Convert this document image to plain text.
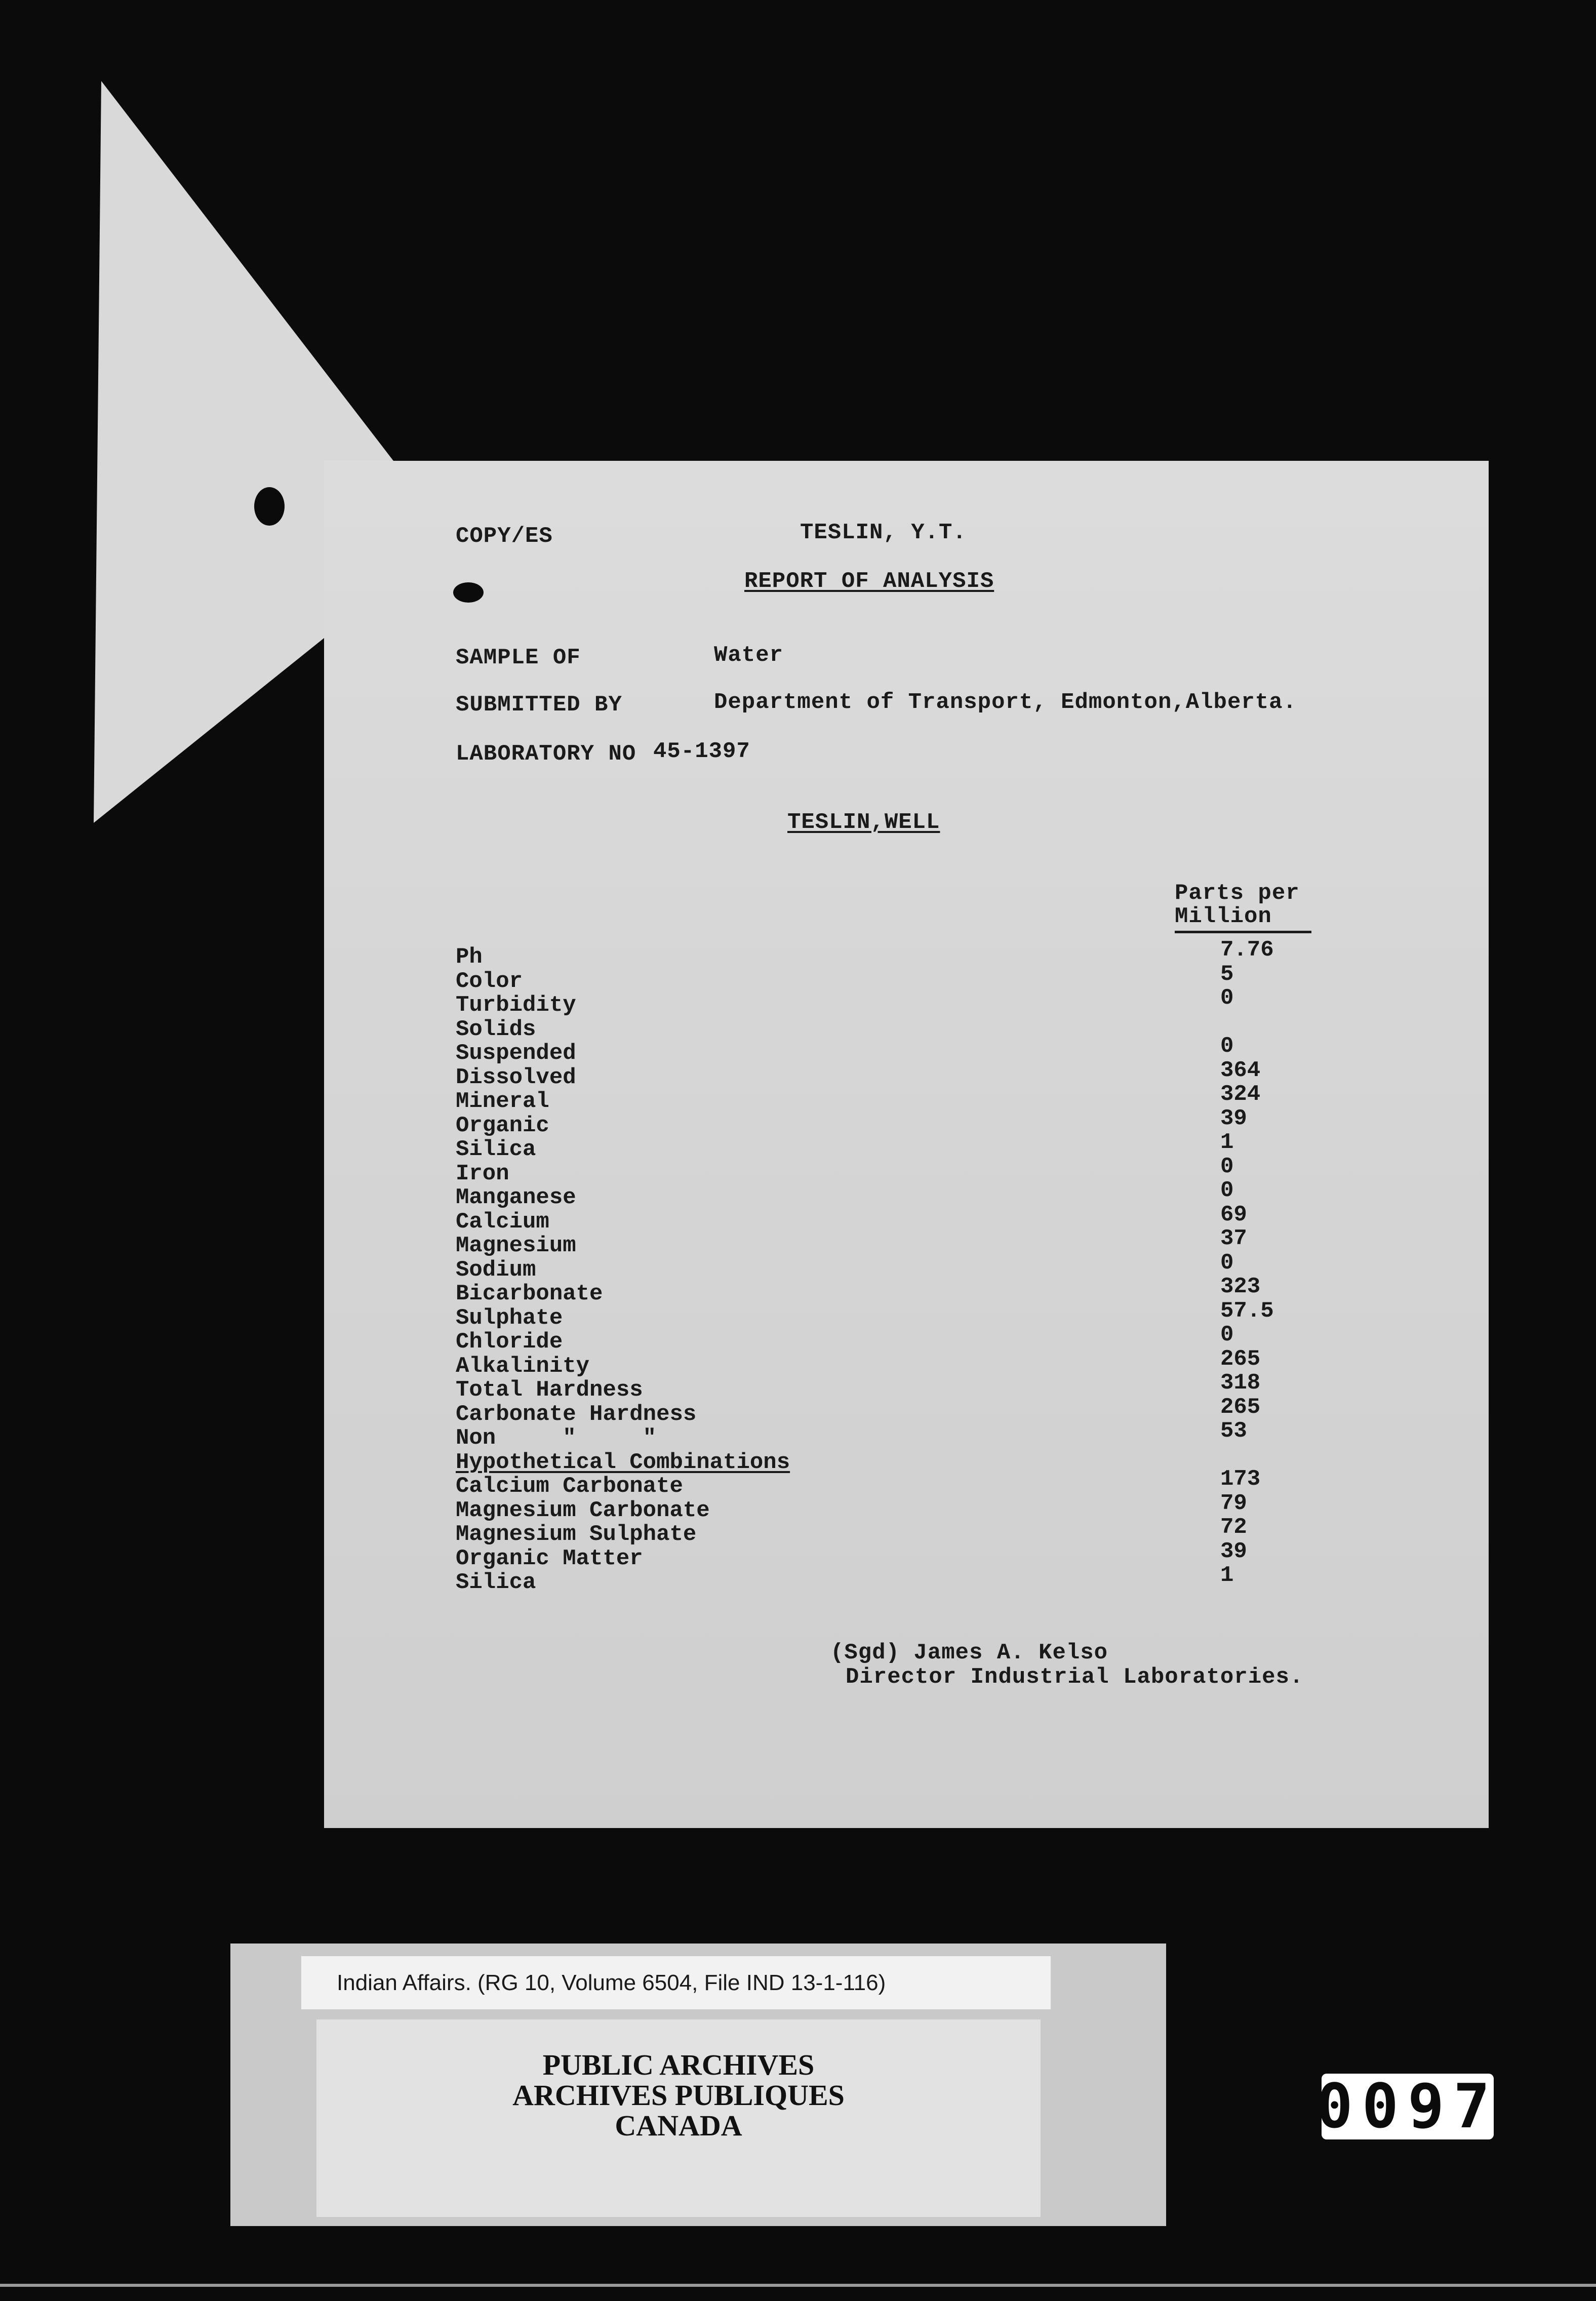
COPY/ES	TESLIN, Y.T.
REPORT OF ANALYSIS
SAMPLE OF	Water
SUBMITTED BY	Department of Transport, Edmonton,Alberta.
LABORATORY NO 45-1397
TESLIN,WELL
Parts per
Million
Ph	7.76
Color	5
Turbidity	0
Solids
Suspended	0
Dissolved	364
Mineral	324
Organic	39
Silica	1
Iron	0
Manganese	0
Calcium	69
Magnesium	37
Sodium	0
Bicarbonate	323
Sulphate	57.5
Chloride	0
Alkalinity	265
Total Hardness	318
Carbonate Hardness	265
Non     "     "	53
Hypothetical Combinations
Calcium Carbonate	173
Magnesium Carbonate	79
Magnesium Sulphate	72
Organic Matter	39
Silica	1
(Sgd) James A. Kelso
Director Industrial Laboratories.
Indian Affairs. (RG 10, Volume 6504, File IND 13-1-116)
PUBLIC ARCHIVES
ARCHIVES PUBLIQUES
CANADA	0097
